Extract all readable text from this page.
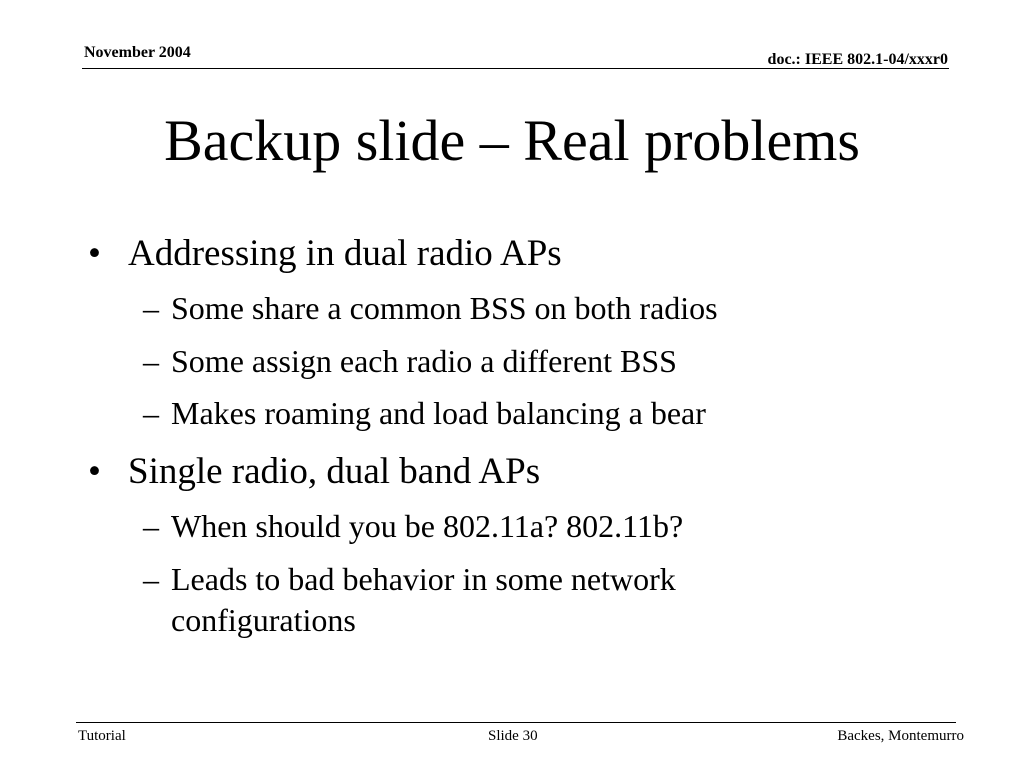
November 2004	doc.: IEEE 802.1-04/xxxr0
Backup slide – Real problems
• Addressing in dual radio APs
– Some share a common BSS on both radios
– Some assign each radio a different BSS
– Makes roaming and load balancing a bear
• Single radio, dual band APs
– When should you be 802.11a? 802.11b?
– Leads to bad behavior in some network
configurations
Tutorial	Slide 30	Backes, Montemurro
